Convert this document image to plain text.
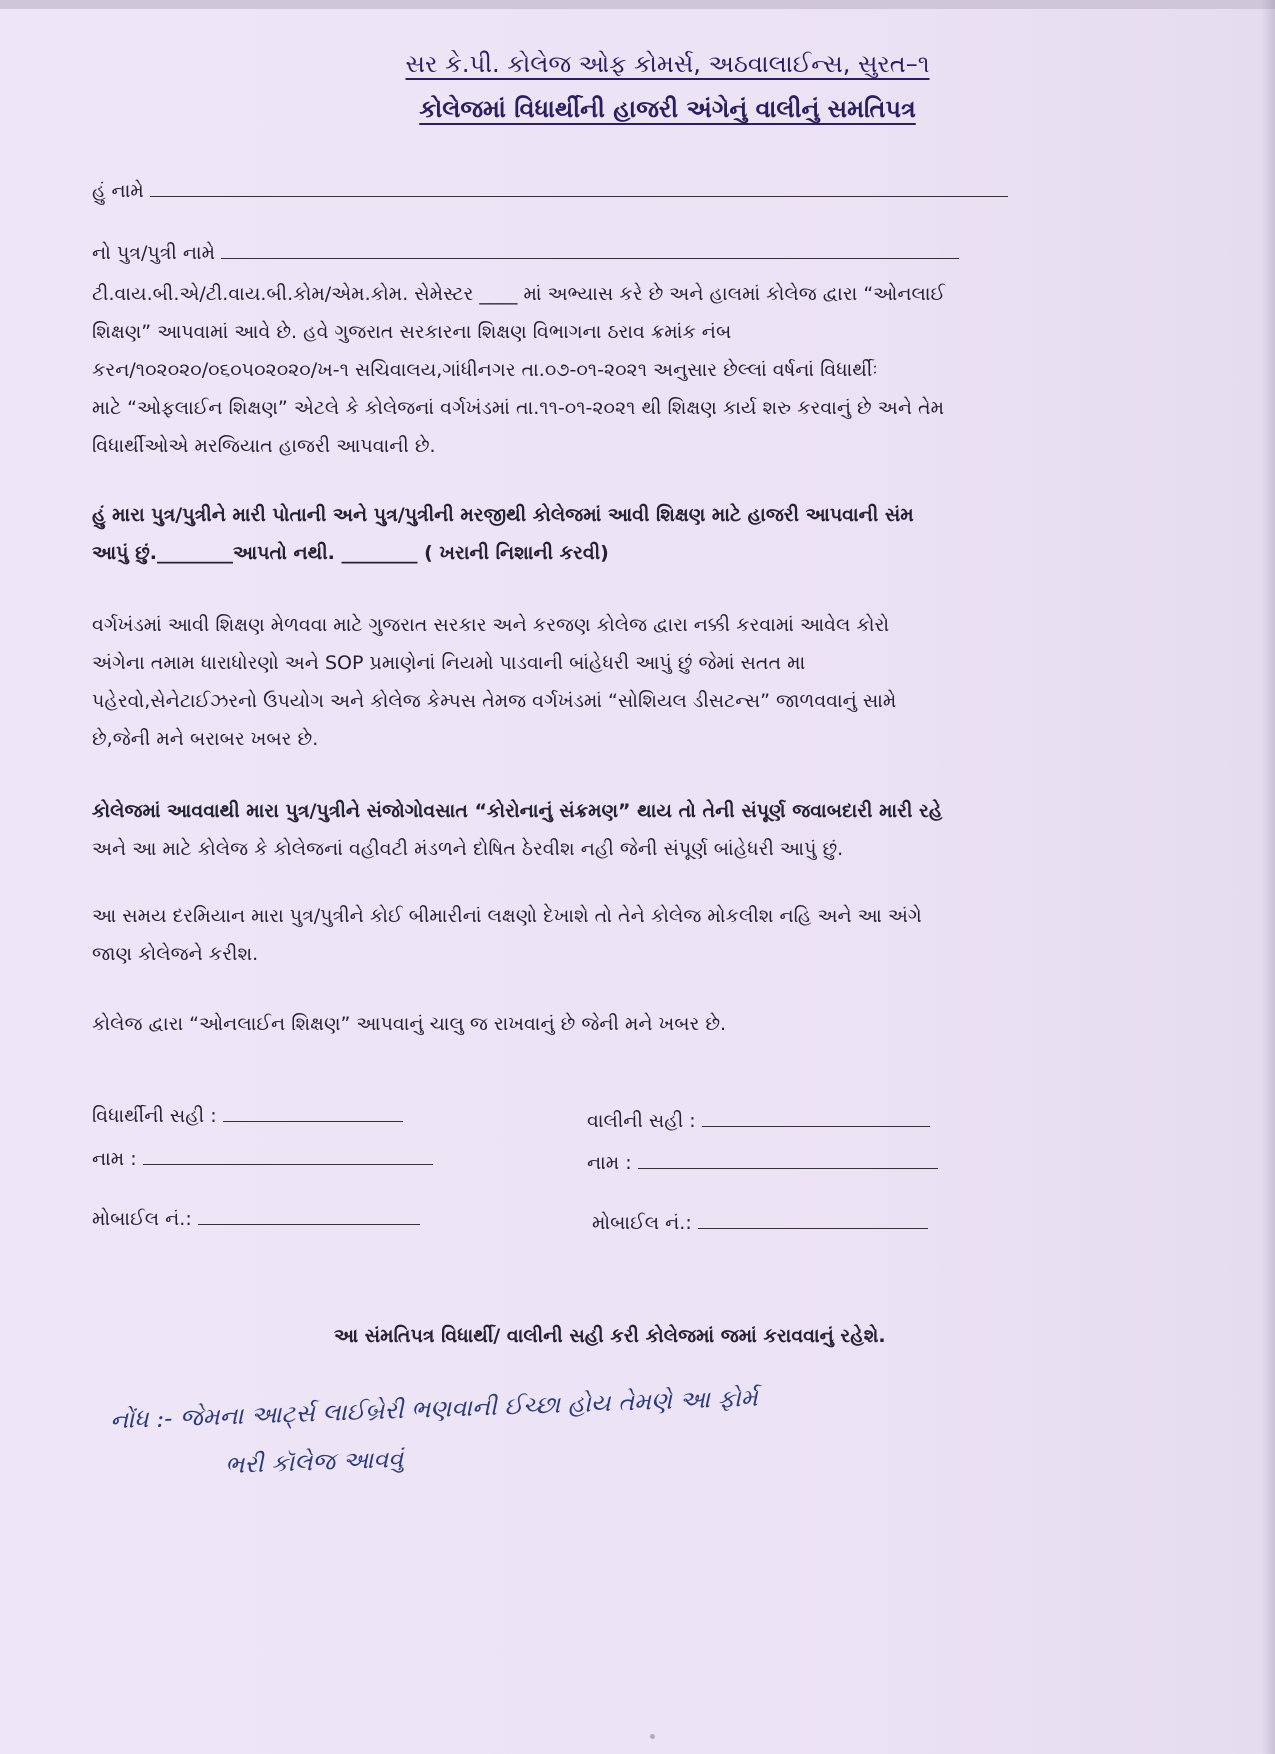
સર કે.પી. કોલેજ ઓફ કોમર્સ, અઠવાલાઈન્સ, સુરત–૧
કોલેજમાં વિધાર્થીની હાજરી અંગેનું વાલીનું સમતિપત્ર
હું નામે
નો પુત્ર/પુત્રી નામે
ટી.વાય.બી.એ/ટી.વાય.બી.કોમ/એમ.કોમ. સેમેસ્ટર ____ માં અભ્યાસ કરે છે અને હાલમાં કોલેજ દ્વારા “ઓનલાઈ
શિક્ષણ” આપવામાં આવે છે. હવે ગુજરાત સરકારના શિક્ષણ વિભાગના ઠરાવ ક્રમાંક નંબ
કરન/૧૦૨૦૨૦/૦૬૦૫૦૨૦૨૦/ખ-૧ સચિવાલય,ગાંધીનગર તા.૦૭-૦૧-૨૦૨૧ અનુસાર છેલ્લાં વર્ષનાં વિધાર્થીઃ
માટે “ઓફલાઈન શિક્ષણ” એટલે કે કોલેજનાં વર્ગખંડમાં તા.૧૧-૦૧-૨૦૨૧ થી શિક્ષણ કાર્ય શરુ કરવાનું છે અને તેમ
વિધાર્થીઓએ મરજિયાત હાજરી આપવાની છે.
હું મારા પુત્ર/પુત્રીને મારી પોતાની અને પુત્ર/પુત્રીની મરજીથી કોલેજમાં આવી શિક્ષણ માટે હાજરી આપવાની સંમ
આપું છું.________આપતો નથી. ________ ( ખરાની નિશાની કરવી)
વર્ગખંડમાં આવી શિક્ષણ મેળવવા માટે ગુજરાત સરકાર અને કરજણ કોલેજ દ્વારા નક્કી કરવામાં આવેલ કોરો
અંગેના તમામ ધારાધોરણો અને SOP પ્રમાણેનાં નિયમો પાડવાની બાંહેધરી આપું છું જેમાં સતત મા
પહેરવો,સેનેટાઈઝરનો ઉપયોગ અને કોલેજ કેમ્પસ તેમજ વર્ગખંડમાં “સોશિયલ ડીસટન્સ” જાળવવાનું સામે
છે,જેની મને બરાબર ખબર છે.
કોલેજમાં આવવાથી મારા પુત્ર/પુત્રીને સંજોગોવસાત “કોરોનાનું સંક્રમણ” થાય તો તેની સંપૂર્ણ જવાબદારી મારી રહે
અને આ માટે કોલેજ કે કોલેજનાં વહીવટી મંડળને દોષિત ઠેરવીશ નહી જેની સંપૂર્ણ બાંહેધરી આપું છું.
આ સમય દરમિયાન મારા પુત્ર/પુત્રીને કોઈ બીમારીનાં લક્ષણો દેખાશે તો તેને કોલેજ મોકલીશ નહિ અને આ અંગે
જાણ કોલેજને કરીશ.
કોલેજ દ્વારા “ઓનલાઈન શિક્ષણ” આપવાનું ચાલુ જ રાખવાનું છે જેની મને ખબર છે.
વિધાર્થીની સહી :
નામ :
મોબાઈલ નં.:
વાલીની સહી :
નામ :
મોબાઈલ નં.:
આ સંમતિપત્ર વિધાર્થી/ વાલીની સહી કરી કોલેજમાં જમાં કરાવવાનું રહેશે.
નોંધ :- જેમના આર્ટ્સ લાઈબ્રેરી ભણવાની ઈચ્છા હોય તેમણે આ ફોર્મ
ભરી કૉલેજ આવવું
